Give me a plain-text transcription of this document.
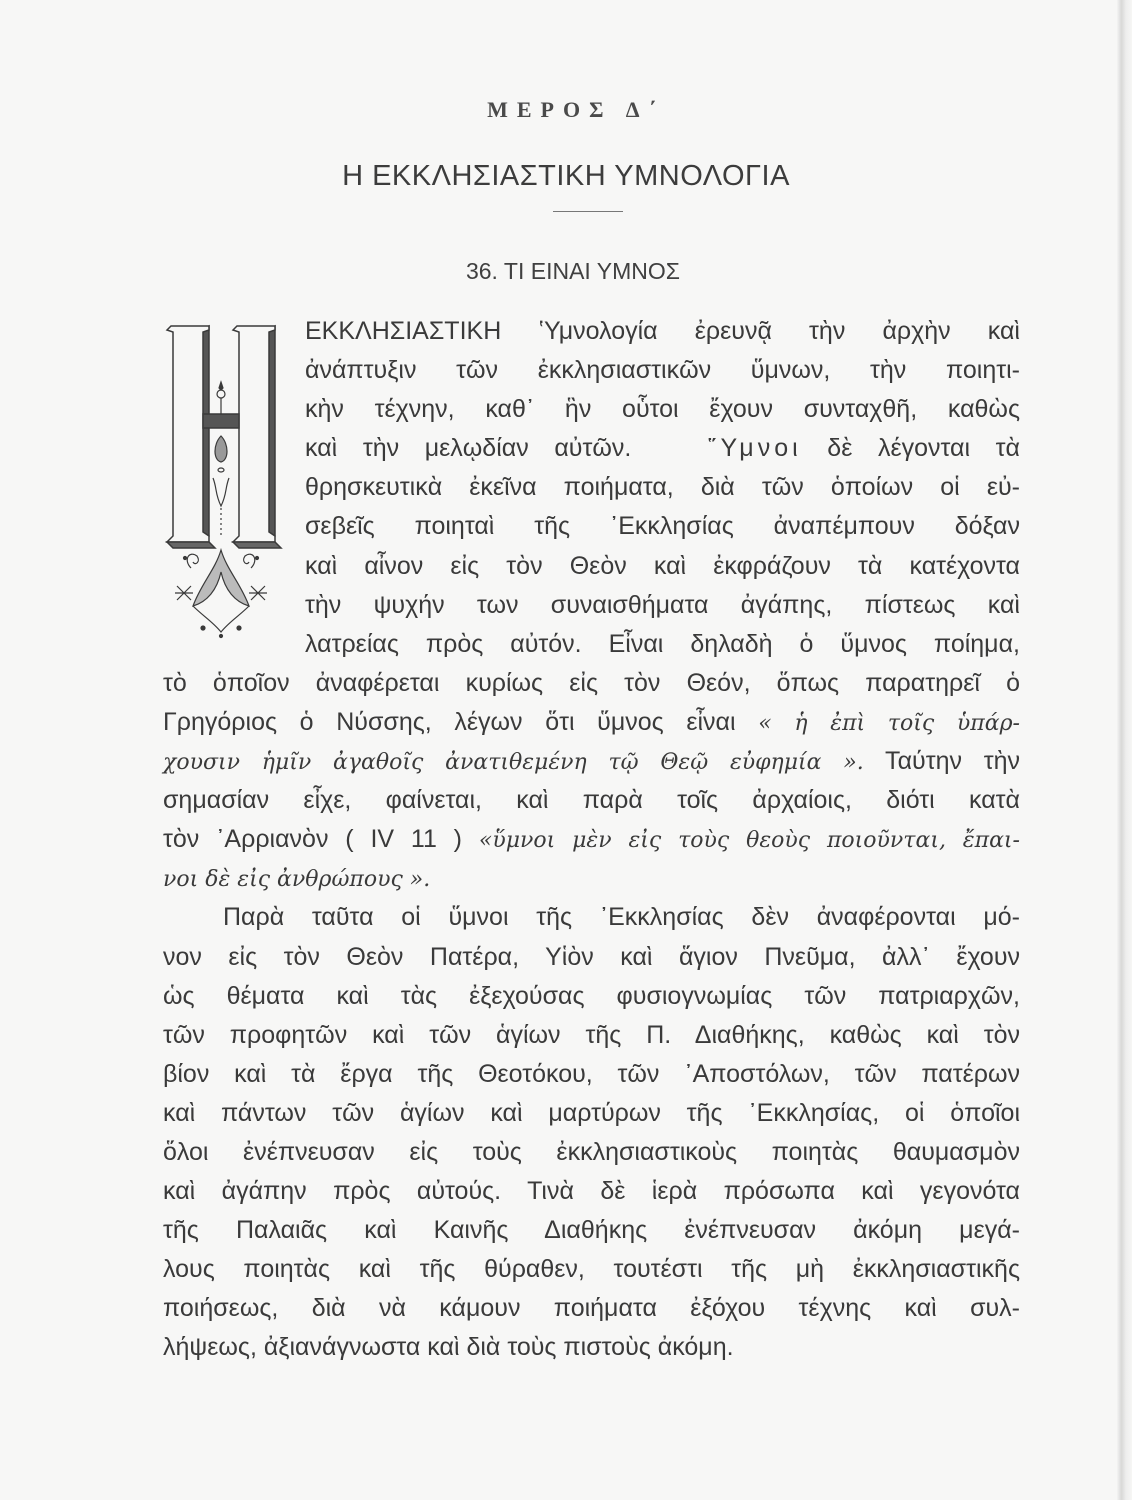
ΜΕΡΟΣ Δ΄
Η ΕΚΚΛΗΣΙΑΣΤΙΚΗ ΥΜΝΟΛΟΓΙΑ
36. ΤΙ ΕΙΝΑΙ ΥΜΝΟΣ
ΕΚΚΛΗΣΙΑΣΤΙΚΗ ʽΥμνολογία ἐρευνᾷ τὴν ἀρχὴν καὶ
ἀνάπτυξιν τῶν ἐκκλησιαστικῶν ὕμνων, τὴν ποιητι-
κὴν τέχνην, καθ᾽ ἣν οὗτοι ἔχουν συνταχθῆ, καθὼς
καὶ τὴν μελῳδίαν αὐτῶν.	῞Υμνοι δὲ λέγονται τὰ
θρησκευτικὰ ἐκεῖνα ποιήματα, διὰ τῶν ὁποίων οἱ εὐ-
σεβεῖς ποιηταὶ τῆς ᾽Εκκλησίας ἀναπέμπουν δόξαν
καὶ αἶνον εἰς τὸν Θεὸν καὶ ἐκφράζουν τὰ κατέχοντα
τὴν ψυχήν των συναισθήματα ἀγάπης, πίστεως καὶ
λατρείας πρὸς αὐτόν. Εἶναι δηλαδὴ ὁ ὕμνος ποίημα,
τὸ ὁποῖον ἀναφέρεται κυρίως εἰς τὸν Θεόν, ὅπως παρατηρεῖ ὁ
Γρηγόριος ὁ Νύσσης, λέγων ὅτι ὕμνος εἶναι « ἡ ἐπὶ τοῖς ὑπάρ-
χουσιν ἡμῖν ἀγαθοῖς ἀνατιθεμένη τῷ Θεῷ εὐφημία ». Ταύτην τὴν
σημασίαν εἶχε, φαίνεται, καὶ παρὰ τοῖς ἀρχαίοις, διότι κατὰ
τὸν ᾽Αρριανὸν ( IV 11 ) «ὕμνοι μὲν εἰς τοὺς θεοὺς ποιοῦνται, ἔπαι-
νοι δὲ εἰς ἀνθρώπους ».
Παρὰ ταῦτα οἱ ὕμνοι τῆς ᾽Εκκλησίας δὲν ἀναφέρονται μό-
νον εἰς τὸν Θεὸν Πατέρα, Υἱὸν καὶ ἅγιον Πνεῦμα, ἀλλ᾽ ἔχουν
ὡς θέματα καὶ τὰς ἐξεχούσας φυσιογνωμίας τῶν πατριαρχῶν,
τῶν προφητῶν καὶ τῶν ἁγίων τῆς Π. Διαθήκης, καθὼς καὶ τὸν
βίον καὶ τὰ ἔργα τῆς Θεοτόκου, τῶν ᾽Αποστόλων, τῶν πατέρων
καὶ πάντων τῶν ἁγίων καὶ μαρτύρων τῆς ᾽Εκκλησίας, οἱ ὁποῖοι
ὅλοι ἐνέπνευσαν εἰς τοὺς ἐκκλησιαστικοὺς ποιητὰς θαυμασμὸν
καὶ ἀγάπην πρὸς αὐτούς. Τινὰ δὲ ἱερὰ πρόσωπα καὶ γεγονότα
τῆς Παλαιᾶς καὶ Καινῆς Διαθήκης ἐνέπνευσαν ἀκόμη μεγά-
λους ποιητὰς καὶ τῆς θύραθεν, τουτέστι τῆς μὴ ἐκκλησιαστικῆς
ποιήσεως, διὰ νὰ κάμουν ποιήματα ἐξόχου τέχνης καὶ συλ-
λήψεως, ἀξιανάγνωστα καὶ διὰ τοὺς πιστοὺς ἀκόμη.
